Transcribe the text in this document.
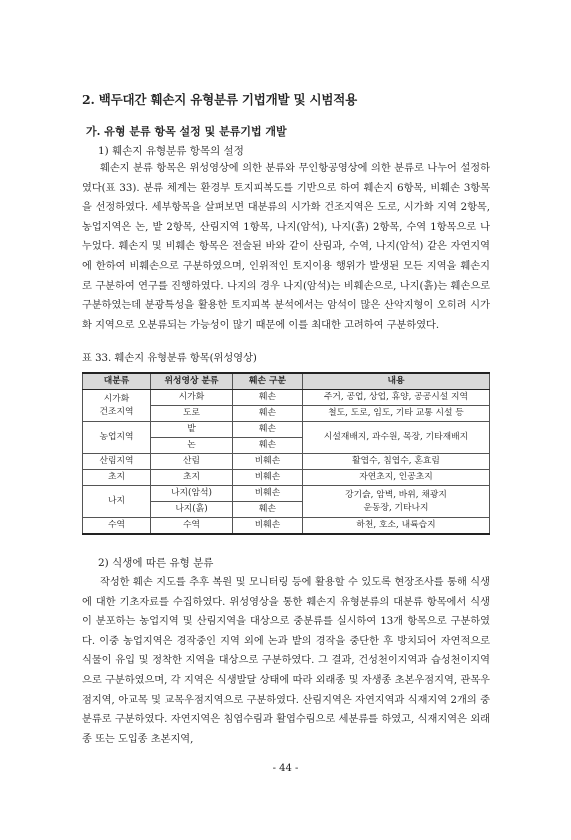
2. 백두대간 훼손지 유형분류 기법개발 및 시범적용
가. 유형 분류 항목 설정 및 분류기법 개발
1) 훼손지 유형분류 항목의 설정

훼손지 분류 항목은 위성영상에 의한 분류와 무인항공영상에 의한 분류로 나누어 설정하였다(표 33). 분류 체계는 환경부 토지피복도를 기반으로 하여 훼손지 6항목, 비훼손 3항목을 선정하였다. 세부항목을 살펴보면 대분류의 시가화 건조지역은 도로, 시가화 지역 2항목, 농업지역은 논, 밭 2항목, 산림지역 1항목, 나지(암석), 나지(흙) 2항목, 수역 1항목으로 나누었다. 훼손지 및 비훼손 항목은 전술된 바와 같이 산림과, 수역, 나지(암석) 같은 자연지역에 한하여 비훼손으로 구분하였으며, 인위적인 토지이용 행위가 발생된 모든 지역을 훼손지로 구분하여 연구를 진행하였다. 나지의 경우 나지(암석)는 비훼손으로, 나지(흙)는 훼손으로 구분하였는데 분광특성을 활용한 토지피복 분석에서는 암석이 많은 산악지형이 오히려 시가화 지역으로 오분류되는 가능성이 많기 때문에 이를 최대한 고려하여 구분하였다.

표 33. 훼손지 유형분류 항목(위성영상)
대분류	위성영상 분류	훼손 구분	내용
시가화
건조지역	시가화	훼손	주거, 공업, 상업, 휴양, 공공시설 지역
	도로	훼손	철도, 도로, 임도, 기타 교통 시설 등
농업지역	밭	훼손	시설재배지, 과수원, 목장, 기타재배지
	논	훼손	
산림지역	산림	비훼손	활엽수, 침엽수, 혼효림
초지	초지	비훼손	자연초지, 인공초지
나지	나지(암석)	비훼손	강기슭, 암벽, 바위, 채광지
운동장, 기타나지
	나지(흙)	훼손	
수역	수역	비훼손	하천, 호소, 내륙습지
2) 식생에 따른 유형 분류

작성한 훼손 지도를 추후 복원 및 모니터링 등에 활용할 수 있도록 현장조사를 통해 식생에 대한 기초자료를 수집하였다. 위성영상을 통한 훼손지 유형분류의 대분류 항목에서 식생이 분포하는 농업지역 및 산림지역을 대상으로 중분류를 실시하여 13개 항목으로 구분하였다. 이중 농업지역은 경작중인 지역 외에 논과 밭의 경작을 중단한 후 방치되어 자연적으로 식물이 유입 및 정착한 지역을 대상으로 구분하였다. 그 결과, 건성천이지역과 습성천이지역으로 구분하였으며, 각 지역은 식생발달 상태에 따라 외래종 및 자생종 초본우점지역, 관목우점지역, 아교목 및 교목우점지역으로 구분하였다. 산림지역은 자연지역과 식재지역 2개의 중분류로 구분하였다. 자연지역은 침엽수림과 활엽수림으로 세분류를 하였고, 식재지역은 외래종 또는 도입종 초본지역,

- 44 -
